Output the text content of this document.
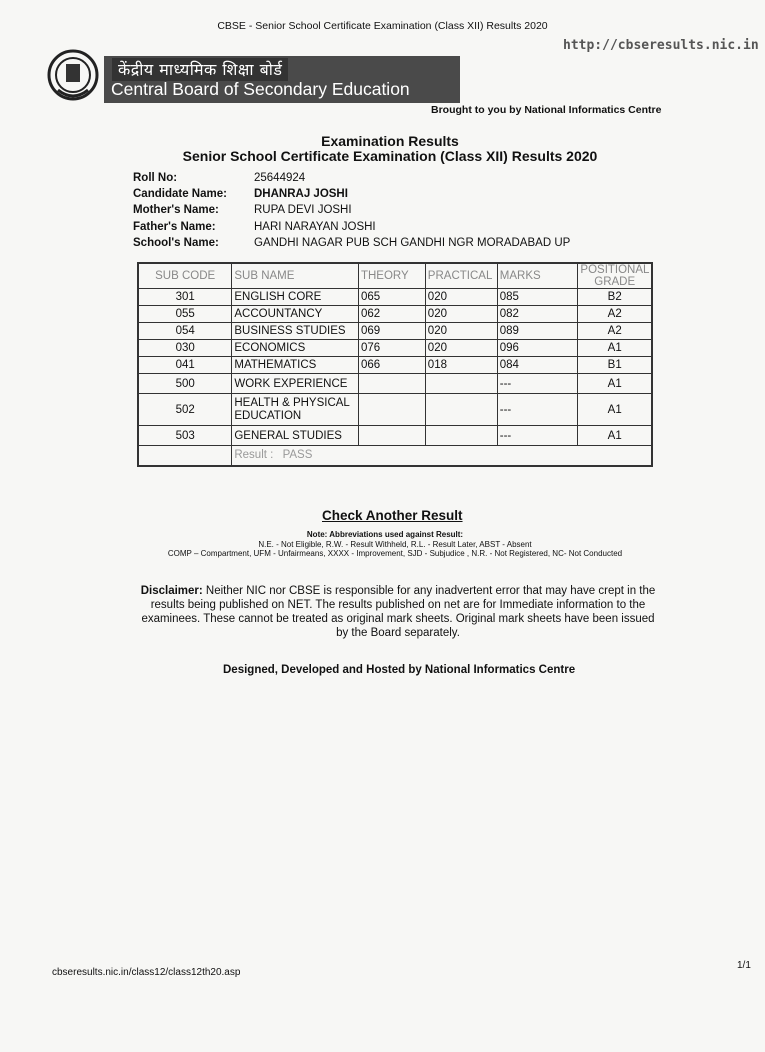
CBSE - Senior School Certificate Examination (Class XII) Results 2020
http://cbseresults.nic.in
केंद्रीय माध्यमिक शिक्षा बोर्ड
Central Board of Secondary Education
Brought to you by National Informatics Centre
Examination Results
Senior School Certificate Examination (Class XII) Results 2020
Roll No:	25644924
Candidate Name:	DHANRAJ JOSHI
Mother's Name:	RUPA DEVI JOSHI
Father's Name:	HARI NARAYAN JOSHI
School's Name:	GANDHI NAGAR PUB SCH GANDHI NGR MORADABAD UP
SUB CODE	SUB NAME	THEORY	PRACTICAL	MARKS	POSITIONAL GRADE
301	ENGLISH CORE	065	020	085	B2
055	ACCOUNTANCY	062	020	082	A2
054	BUSINESS STUDIES	069	020	089	A2
030	ECONOMICS	076	020	096	A1
041	MATHEMATICS	066	018	084	B1
500	WORK EXPERIENCE			---	A1
502	HEALTH & PHYSICAL EDUCATION			---	A1
503	GENERAL STUDIES			---	A1
	Result : PASS				
Check Another Result
Note: Abbreviations used against Result:
N.E. - Not Eligible, R.W. - Result Withheld, R.L. - Result Later, ABST - Absent
COMP – Compartment, UFM - Unfairmeans, XXXX - Improvement, SJD - Subjudice , N.R. - Not Registered, NC- Not Conducted
Disclaimer: Neither NIC nor CBSE is responsible for any inadvertent error that may have crept in the results being published on NET. The results published on net are for Immediate information to the examinees. These cannot be treated as original mark sheets. Original mark sheets have been issued by the Board separately.
Designed, Developed and Hosted by National Informatics Centre
cbseresults.nic.in/class12/class12th20.asp
1/1
